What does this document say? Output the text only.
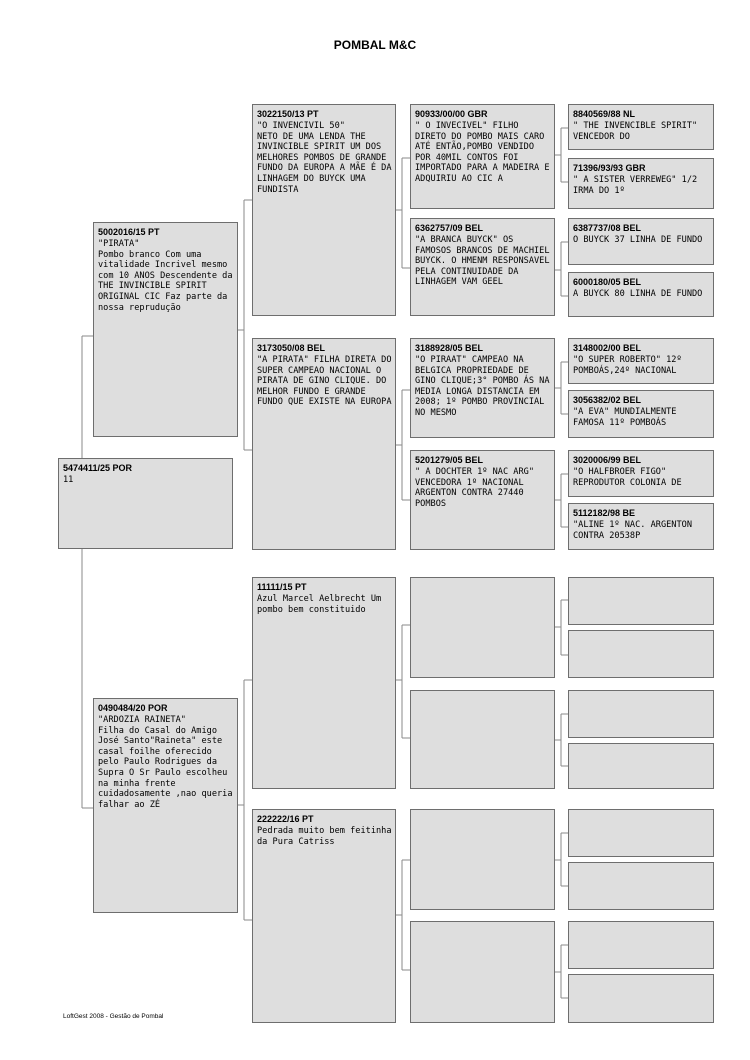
POMBAL M&C
5474411/25 POR
11
5002016/15 PT
"PIRATA"
Pombo branco Com uma vitalidade Incrivel mesmo com 10 ANOS Descendente da THE INVINCIBLE SPIRIT ORIGINAL CIC Faz parte da nossa reprudução
0490484/20 POR
"ARDOZIA RAINETA"
Filha do Casal do Amigo José Santo"Raineta" este casal foilhe oferecido pelo Paulo Rodrigues da Supra O Sr Paulo escolheu na minha frente cuidadosamente ,nao queria falhar ao ZÉ
3022150/13 PT
"O INVENCIVIL 50"
NETO DE UMA LENDA THE INVINCIBLE SPIRIT UM DOS MELHORES POMBOS DE GRANDE FUNDO DA EUROPA A MÃE É DA LINHAGEM DO BUYCK UMA FUNDISTA
3173050/08 BEL
"A PIRATA" FILHA DIRETA DO SUPER CAMPEAO NACIONAL O PIRATA DE GINO CLIQUE. DO MELHOR FUNDO E GRANDE FUNDO QUE EXISTE NA EUROPA
11111/15 PT
Azul Marcel Aelbrecht Um pombo bem constituido
222222/16 PT
Pedrada muito bem feitinha da Pura Catriss
90933/00/00 GBR
" O INVECIVEL" FILHO DIRETO DO POMBO MAIS CARO ATÉ ENTÃO,POMBO VENDIDO POR 40MIL CONTOS FOI IMPORTADO PARA A MADEIRA E ADQUIRIU AO CIC A
6362757/09 BEL
"A BRANCA BUYCK" OS FAMOSOS BRANCOS DE MACHIEL BUYCK. O HMENM RESPONSAVEL PELA CONTINUIDADE DA LINHAGEM VAM GEEL
3188928/05 BEL
"O PIRAAT" CAMPEAO NA BELGICA PROPRIEDADE DE GINO CLIQUE;3° POMBO ÁS NA MEDIA LONGA DISTANCIA EM 2008; 1º POMBO PROVINCIAL NO MESMO
5201279/05 BEL
" A DOCHTER 1º NAC ARG" VENCEDORA 1º NACIONAL ARGENTON CONTRA 27440 POMBOS
8840569/88 NL
" THE INVENCIBLE SPIRIT" VENCEDOR DO
71396/93/93 GBR
" A SISTER VERREWEG" 1/2 IRMA DO 1º
6387737/08 BEL
O BUYCK 37 LINHA DE FUNDO
6000180/05 BEL
A BUYCK 80 LINHA DE FUNDO
3148002/00 BEL
"O SUPER ROBERTO" 12º POMBOÁS,24º NACIONAL
3056382/02 BEL
"A EVA" MUNDIALMENTE FAMOSA 11º POMBOÁS
3020006/99 BEL
"O HALFBROER FIGO" REPRODUTOR COLONIA DE
5112182/98 BE
"ALINE 1º NAC. ARGENTON CONTRA 20538P
LoftGest 2008 - Gestão de Pombal
